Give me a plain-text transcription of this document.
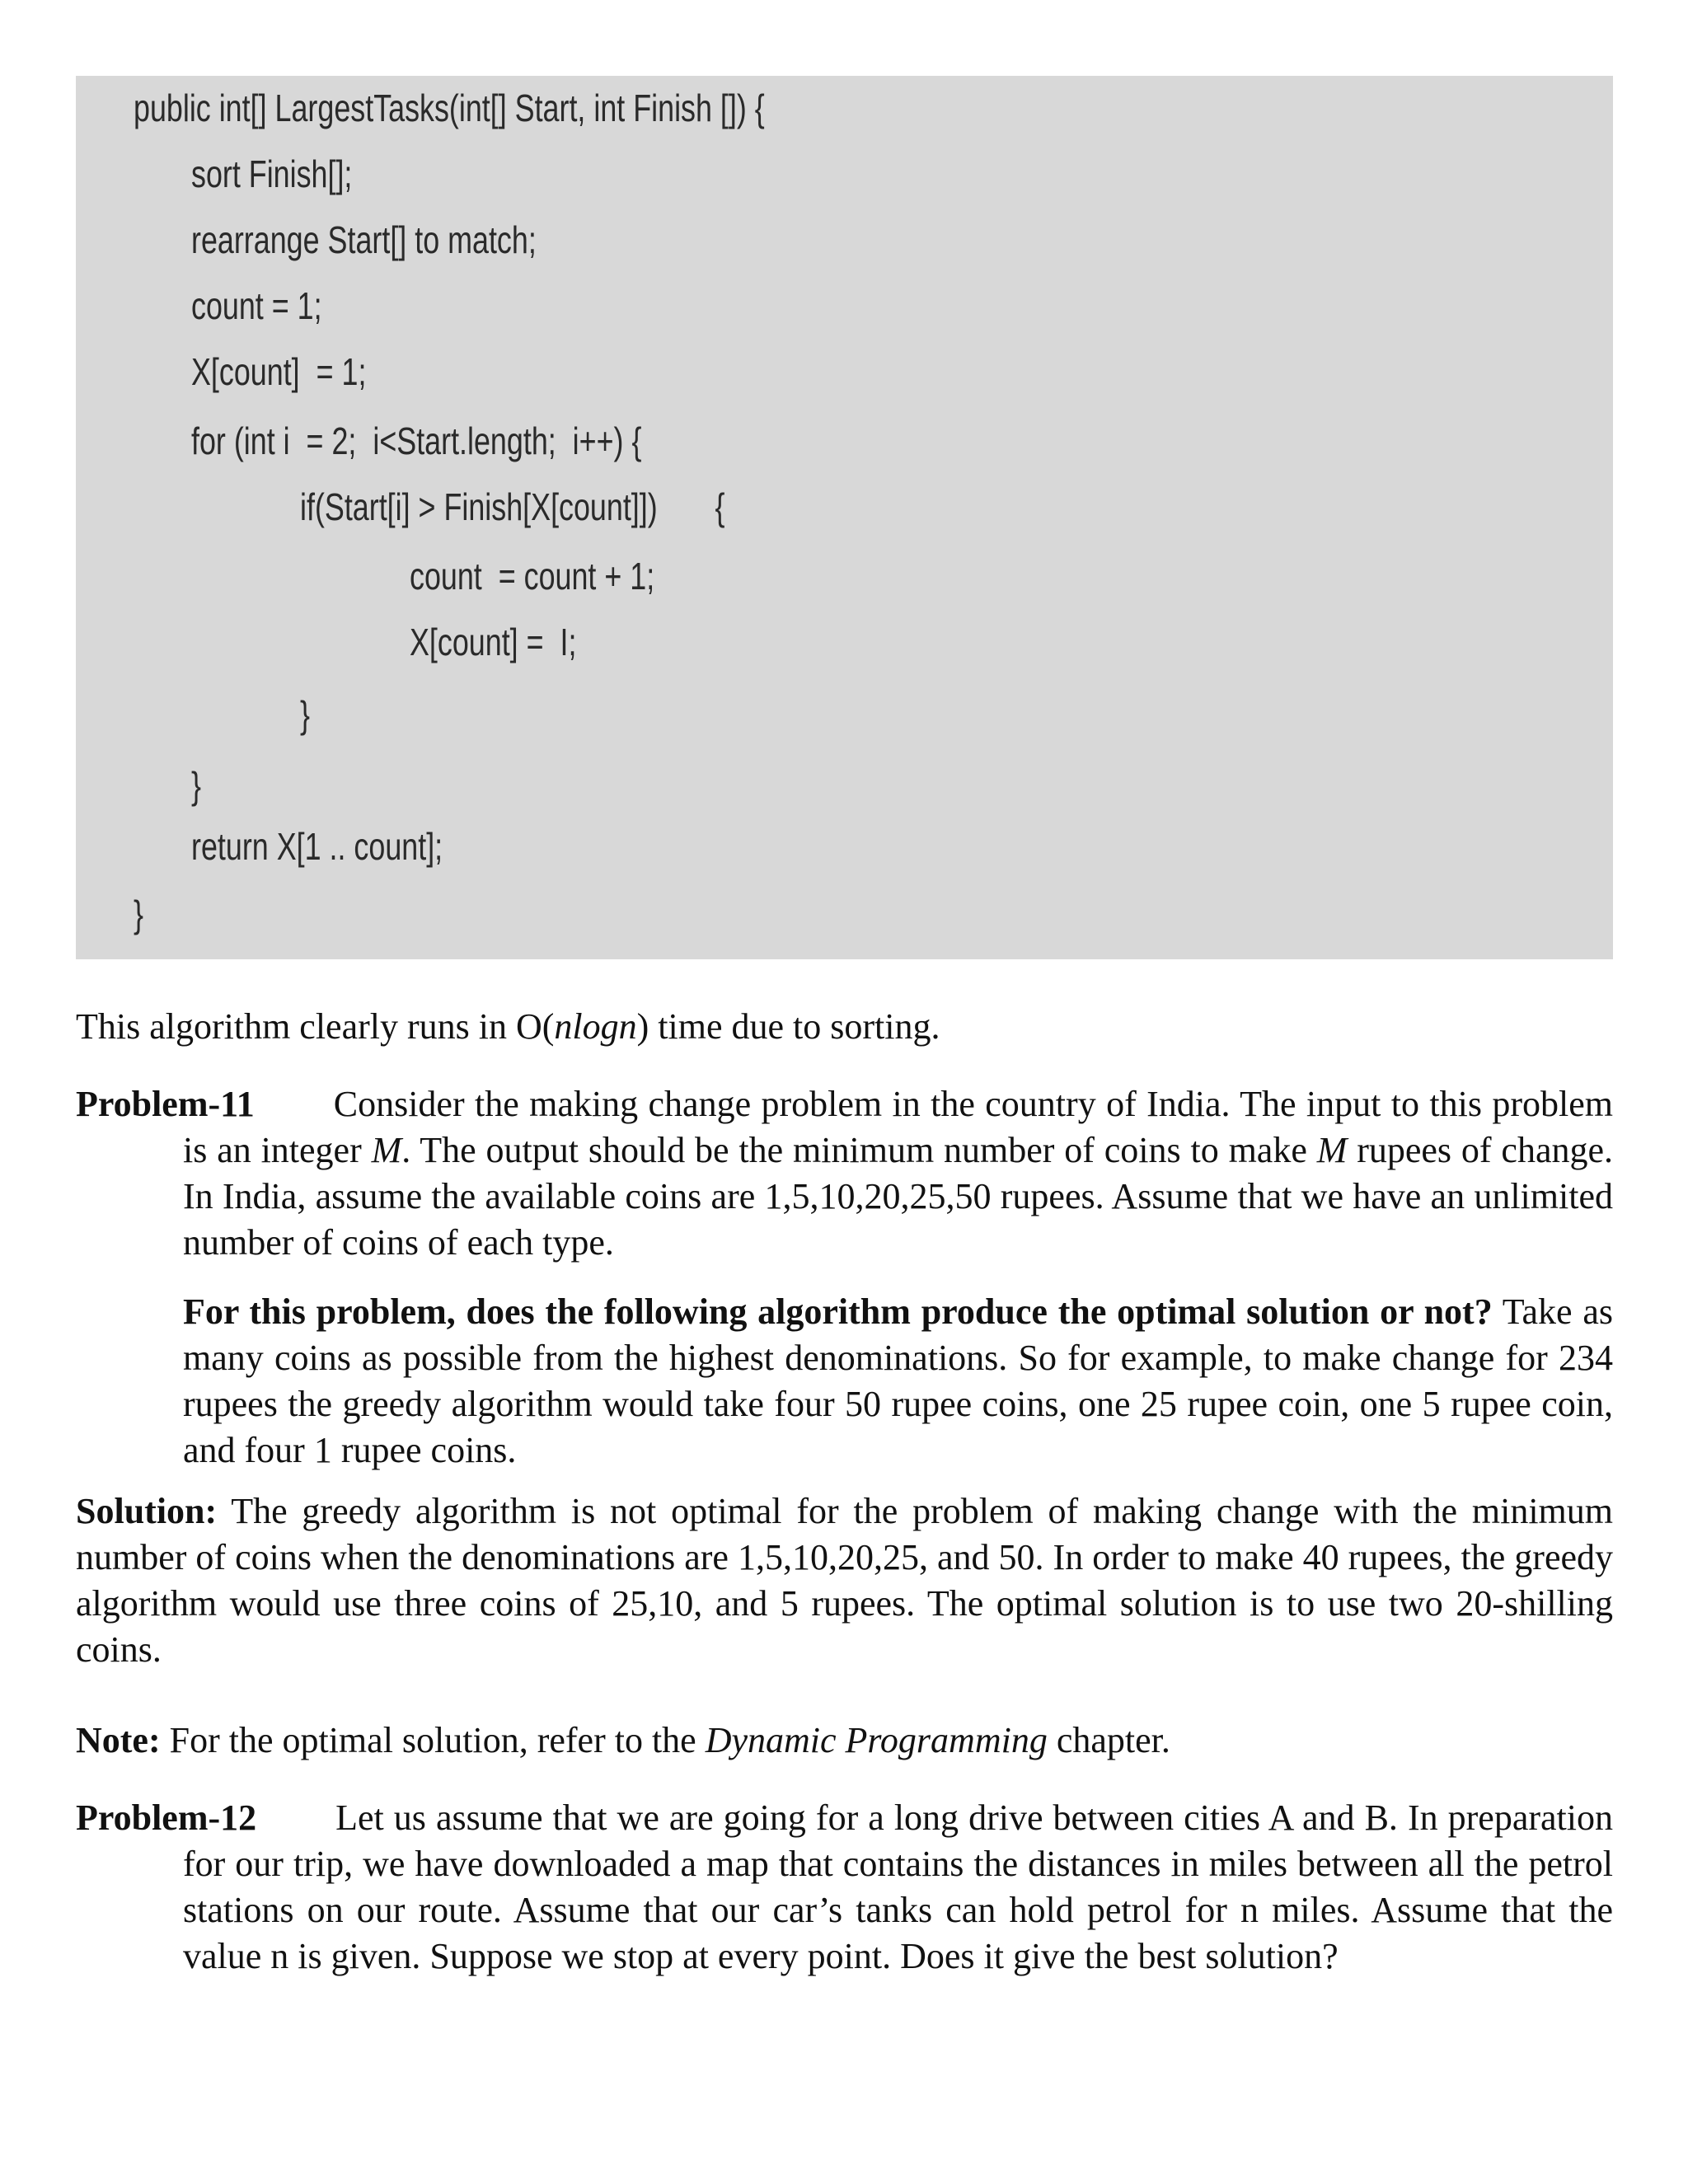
public int[] LargestTasks(int[] Start, int Finish []) {
sort Finish[];
rearrange Start[] to match;
count = 1;
X[count]  = 1;
for (int i  = 2;  i<Start.length;  i++) {
if(Start[i] > Finish[X[count]])       {
count  = count + 1;
X[count] =  I;
}
}
return X[1 .. count];
}

This algorithm clearly runs in O(nlogn) time due to sorting.

Problem-11 Consider the making change problem in the country of India. The input to this problem is an integer M. The output should be the minimum number of coins to make M rupees of change. In India, assume the available coins are 1,5,10,20,25,50 rupees. Assume that we have an unlimited number of coins of each type.

For this problem, does the following algorithm produce the optimal solution or not? Take as many coins as possible from the highest denominations. So for example, to make change for 234 rupees the greedy algorithm would take four 50 rupee coins, one 25 rupee coin, one 5 rupee coin, and four 1 rupee coins.

Solution: The greedy algorithm is not optimal for the problem of making change with the minimum number of coins when the denominations are 1,5,10,20,25, and 50. In order to make 40 rupees, the greedy algorithm would use three coins of 25,10, and 5 rupees. The optimal solution is to use two 20-shilling coins.

Note: For the optimal solution, refer to the Dynamic Programming chapter.

Problem-12 Let us assume that we are going for a long drive between cities A and B. In preparation for our trip, we have downloaded a map that contains the distances in miles between all the petrol stations on our route. Assume that our car’s tanks can hold petrol for n miles. Assume that the value n is given. Suppose we stop at every point. Does it give the best solution?
